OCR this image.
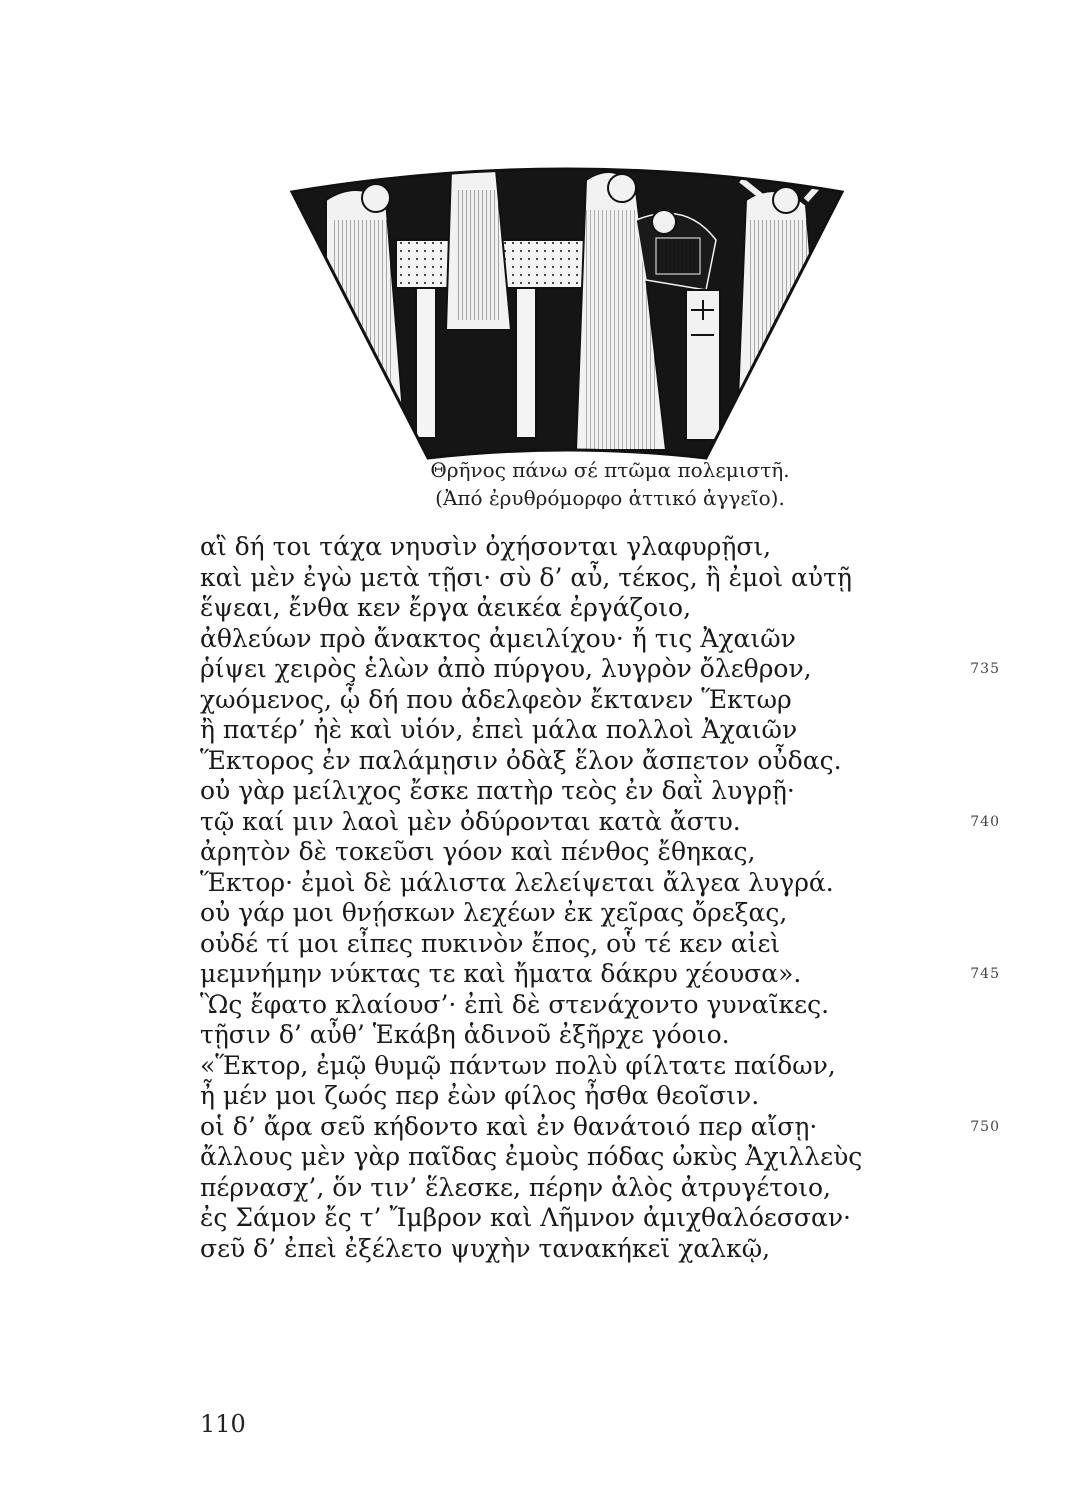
Θρῆνος πάνω σέ πτῶμα πολεμιστῆ.
(Ἀπό ἐρυθρόμορφο ἀττικό ἀγγεῖο).
αἳ δή τοι τάχα νηυσὶν ὀχήσονται γλαφυρῇσι,
καὶ μὲν ἐγὼ μετὰ τῇσι· σὺ δ’ αὖ, τέκος, ἢ ἐμοὶ αὐτῇ
ἕψεαι, ἔνθα κεν ἔργα ἀεικέα ἐργάζοιο,
ἀθλεύων πρὸ ἄνακτος ἀμειλίχου· ἤ τις Ἀχαιῶν
ῥίψει χειρὸς ἑλὼν ἀπὸ πύργου, λυγρὸν ὄλεθρον,	735
χωόμενος, ᾧ δή που ἀδελφεὸν ἔκτανεν Ἕκτωρ
ἢ πατέρ’ ἠὲ καὶ υἱόν, ἐπεὶ μάλα πολλοὶ Ἀχαιῶν
Ἕκτορος ἐν παλάμῃσιν ὀδὰξ ἕλον ἄσπετον οὖδας.
οὐ γὰρ μείλιχος ἔσκε πατὴρ τεὸς ἐν δαῒ λυγρῇ·
τῷ καί μιν λαοὶ μὲν ὀδύρονται κατὰ ἄστυ.	740
ἀρητὸν δὲ τοκεῦσι γόον καὶ πένθος ἔθηκας,
Ἕκτορ· ἐμοὶ δὲ μάλιστα λελείψεται ἄλγεα λυγρά.
οὐ γάρ μοι θνῄσκων λεχέων ἐκ χεῖρας ὄρεξας,
οὐδέ τί μοι εἶπες πυκινὸν ἔπος, οὗ τέ κεν αἰεὶ
μεμνήμην νύκτας τε καὶ ἤματα δάκρυ χέουσα».	745
Ὣς ἔφατο κλαίουσ’· ἐπὶ δὲ στενάχοντο γυναῖκες.
τῇσιν δ’ αὖθ’ Ἑκάβη ἁδινοῦ ἐξῆρχε γόοιο.
«Ἕκτορ, ἐμῷ θυμῷ πάντων πολὺ φίλτατε παίδων,
ἦ μέν μοι ζωός περ ἐὼν φίλος ἦσθα θεοῖσιν.
οἱ δ’ ἄρα σεῦ κήδοντο καὶ ἐν θανάτοιό περ αἴσῃ·	750
ἄλλους μὲν γὰρ παῖδας ἐμοὺς πόδας ὠκὺς Ἀχιλλεὺς
πέρνασχ’, ὅν τιν’ ἕλεσκε, πέρην ἁλὸς ἀτρυγέτοιο,
ἐς Σάμον ἔς τ’ Ἴμβρον καὶ Λῆμνον ἀμιχθαλόεσσαν·
σεῦ δ’ ἐπεὶ ἐξέλετο ψυχὴν τανακήκεϊ χαλκῷ,
110
